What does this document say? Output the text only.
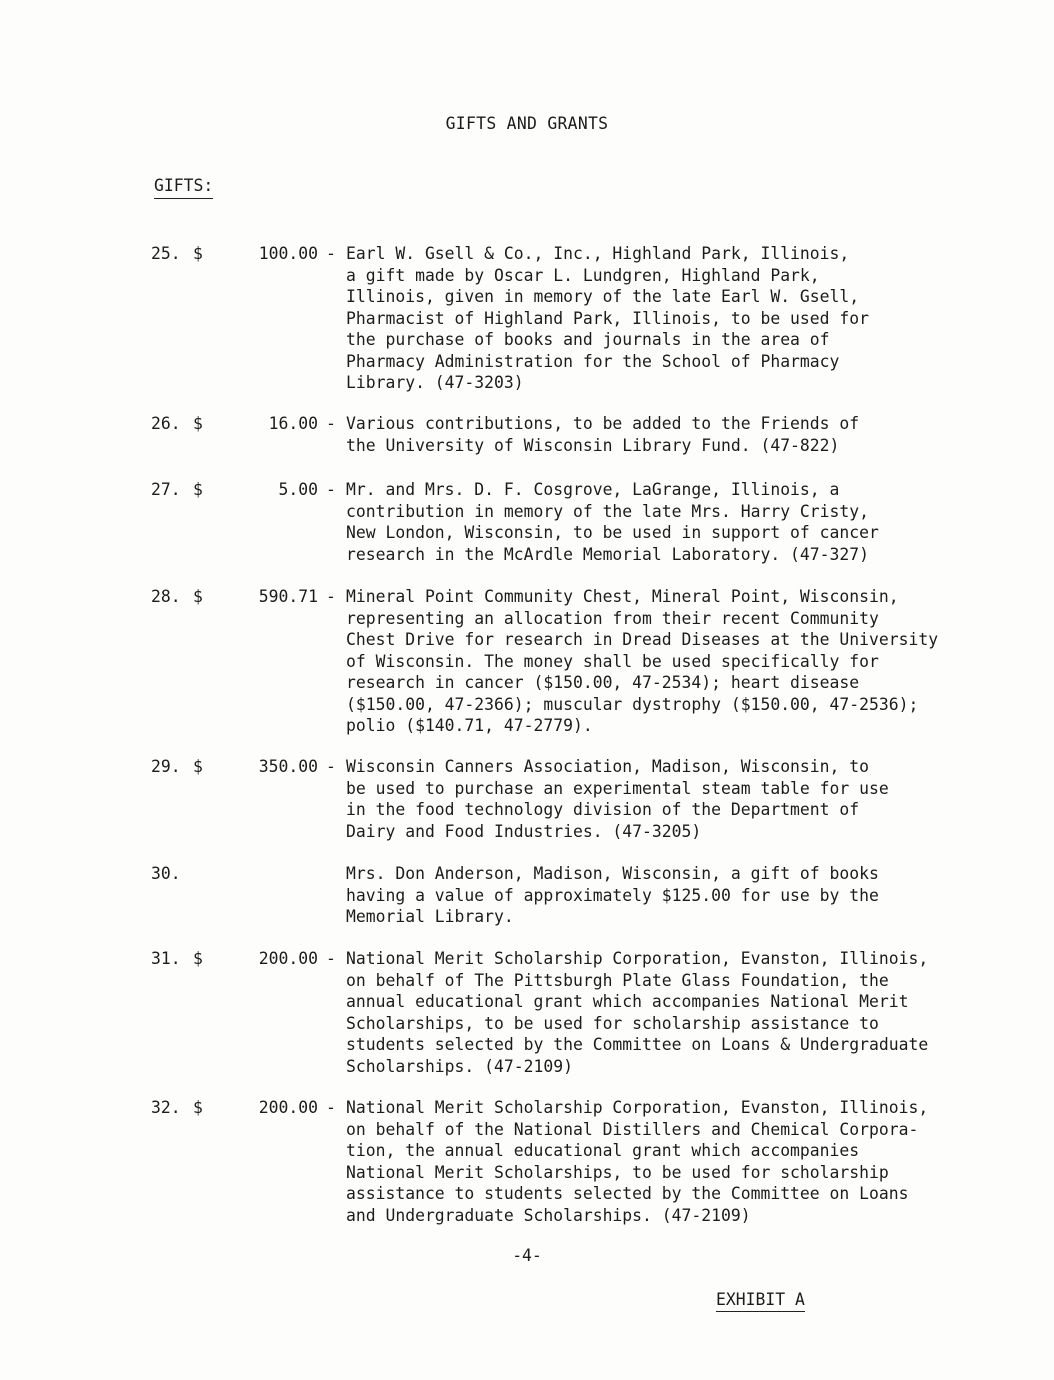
GIFTS AND GRANTS
GIFTS:
25. $	100.00 - Earl W. Gsell & Co., Inc., Highland Park, Illinois,
a gift made by Oscar L. Lundgren, Highland Park,
Illinois, given in memory of the late Earl W. Gsell,
Pharmacist of Highland Park, Illinois, to be used for
the purchase of books and journals in the area of
Pharmacy Administration for the School of Pharmacy
Library. (47-3203)
26. $	16.00 - Various contributions, to be added to the Friends of
the University of Wisconsin Library Fund. (47-822)
27. $	5.00 - Mr. and Mrs. D. F. Cosgrove, LaGrange, Illinois, a
contribution in memory of the late Mrs. Harry Cristy,
New London, Wisconsin, to be used in support of cancer
research in the McArdle Memorial Laboratory. (47-327)
28. $	590.71 - Mineral Point Community Chest, Mineral Point, Wisconsin,
representing an allocation from their recent Community
Chest Drive for research in Dread Diseases at the University
of Wisconsin. The money shall be used specifically for
research in cancer ($150.00, 47-2534); heart disease
($150.00, 47-2366); muscular dystrophy ($150.00, 47-2536);
polio ($140.71, 47-2779).
29. $	350.00 - Wisconsin Canners Association, Madison, Wisconsin, to
be used to purchase an experimental steam table for use
in the food technology division of the Department of
Dairy and Food Industries. (47-3205)
30.	Mrs. Don Anderson, Madison, Wisconsin, a gift of books
having a value of approximately $125.00 for use by the
Memorial Library.
31. $	200.00 - National Merit Scholarship Corporation, Evanston, Illinois,
on behalf of The Pittsburgh Plate Glass Foundation, the
annual educational grant which accompanies National Merit
Scholarships, to be used for scholarship assistance to
students selected by the Committee on Loans & Undergraduate
Scholarships. (47-2109)
32. $	200.00 - National Merit Scholarship Corporation, Evanston, Illinois,
on behalf of the National Distillers and Chemical Corpora-
tion, the annual educational grant which accompanies
National Merit Scholarships, to be used for scholarship
assistance to students selected by the Committee on Loans
and Undergraduate Scholarships. (47-2109)
-4-
EXHIBIT A
